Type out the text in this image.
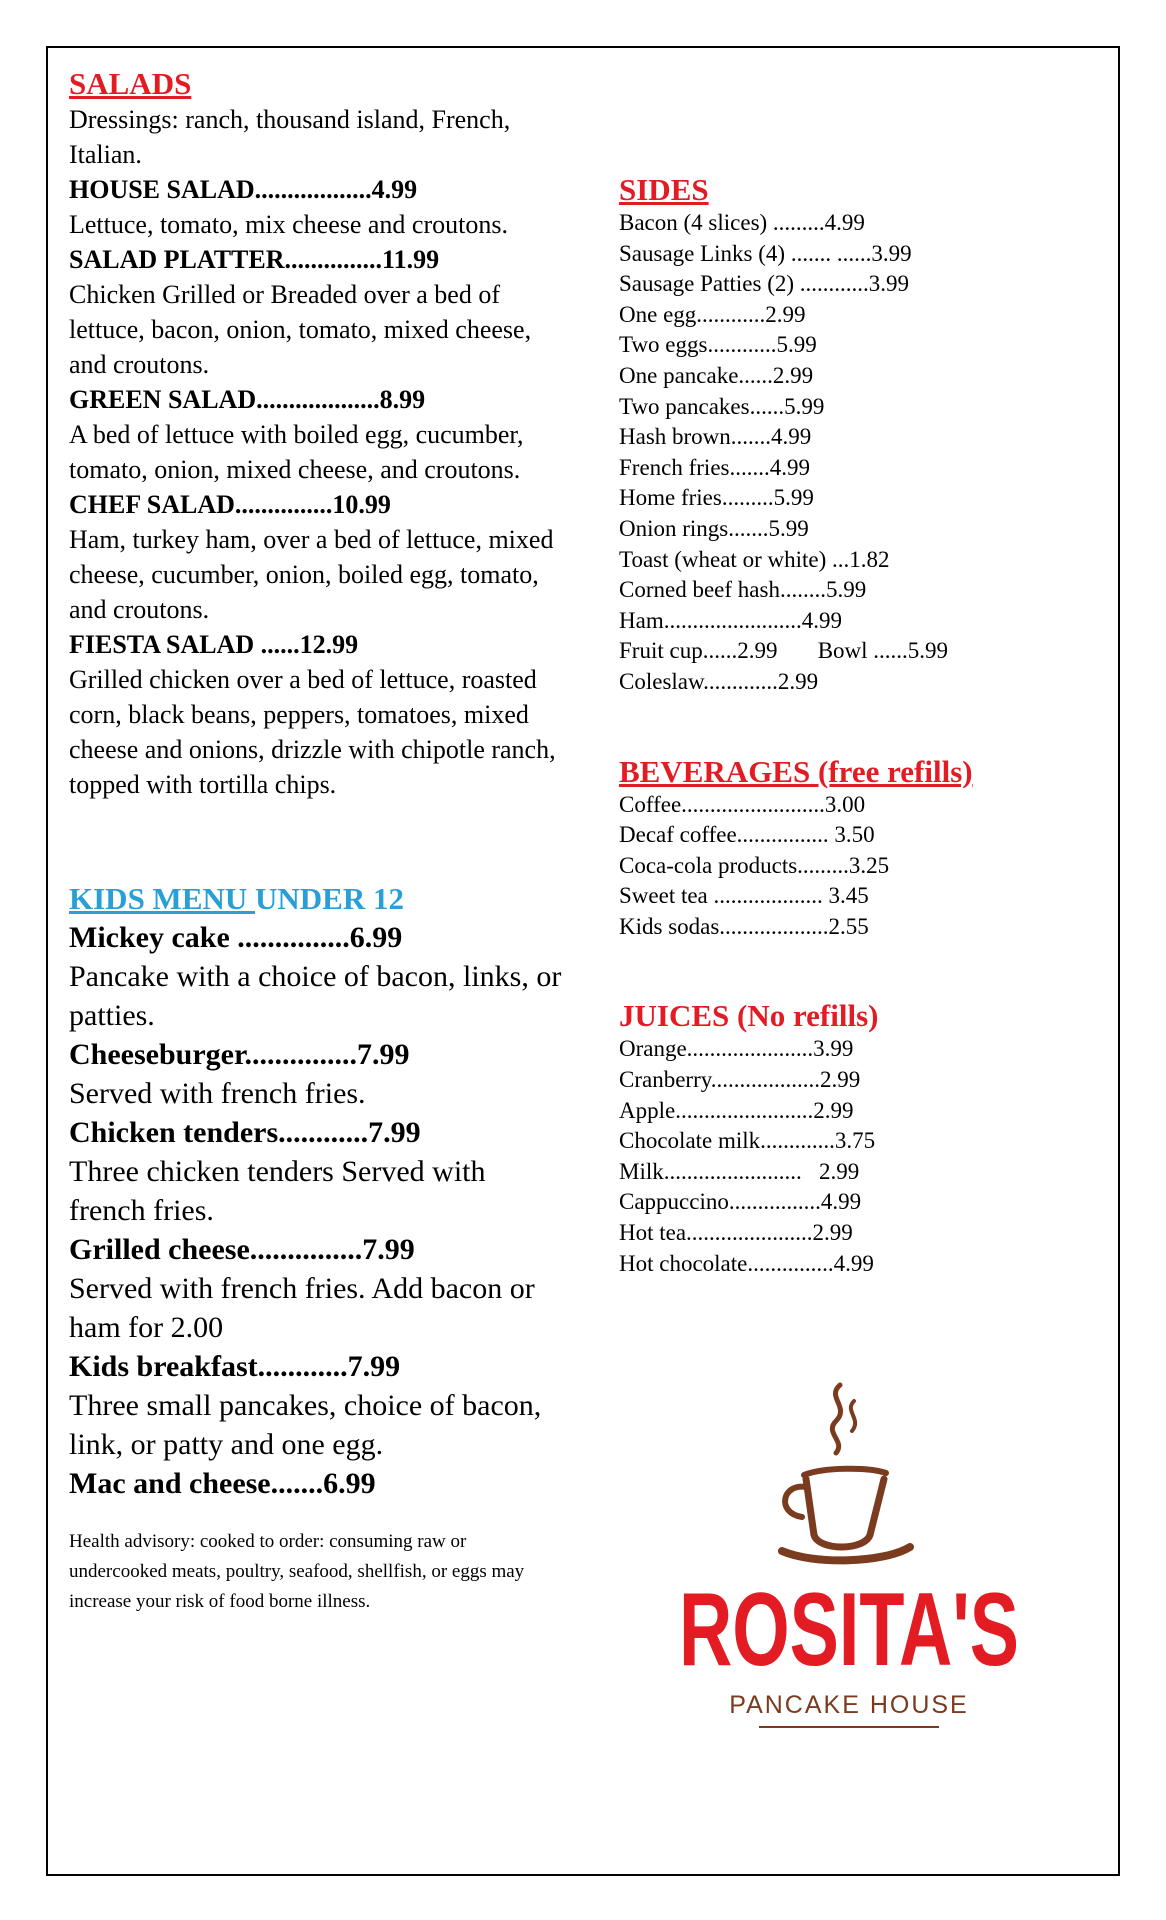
SALADS

Dressings: ranch, thousand island, French, Italian.

HOUSE SALAD..................4.99

Lettuce, tomato, mix cheese and croutons.

SALAD PLATTER...............11.99

Chicken Grilled or Breaded over a bed of lettuce, bacon, onion, tomato, mixed cheese, and croutons.

GREEN SALAD...................8.99

A bed of lettuce with boiled egg, cucumber, tomato, onion, mixed cheese, and croutons.

CHEF SALAD...............10.99

Ham, turkey ham, over a bed of lettuce, mixed cheese, cucumber, onion, boiled egg, tomato, and croutons.

FIESTA SALAD ......12.99

Grilled chicken over a bed of lettuce, roasted corn, black beans, peppers, tomatoes, mixed cheese and onions, drizzle with chipotle ranch, topped with tortilla chips.

KIDS MENU UNDER 12

Mickey cake ...............6.99

Pancake with a choice of bacon, links, or patties.

Cheeseburger...............7.99

Served with french fries.

Chicken tenders............7.99

Three chicken tenders Served with french fries.

Grilled cheese...............7.99

Served with french fries. Add bacon or ham for 2.00

Kids breakfast............7.99

Three small pancakes, choice of bacon, link, or patty and one egg.

Mac and cheese.......6.99

Health advisory: cooked to order: consuming raw or undercooked meats, poultry, seafood, shellfish, or eggs may increase your risk of food borne illness.

SIDES
Bacon (4 slices) .........4.99
Sausage Links (4) ....... ......3.99
Sausage Patties (2) ............3.99
One egg............2.99
Two eggs............5.99
One pancake......2.99
Two pancakes......5.99
Hash brown.......4.99
French fries.......4.99
Home fries.........5.99
Onion rings.......5.99
Toast (wheat or white) ...1.82
Corned beef hash........5.99
Ham........................4.99
Fruit cup......2.99       Bowl ......5.99
Coleslaw.............2.99
BEVERAGES (free refills)
Coffee.........................3.00
Decaf coffee................ 3.50
Coca-cola products.........3.25
Sweet tea ................... 3.45
Kids sodas...................2.55
JUICES (No refills)
Orange......................3.99
Cranberry...................2.99
Apple........................2.99
Chocolate milk.............3.75
Milk........................   2.99
Cappuccino................4.99
Hot tea......................2.99
Hot chocolate...............4.99
ROSITA'S
PANCAKE HOUSE
